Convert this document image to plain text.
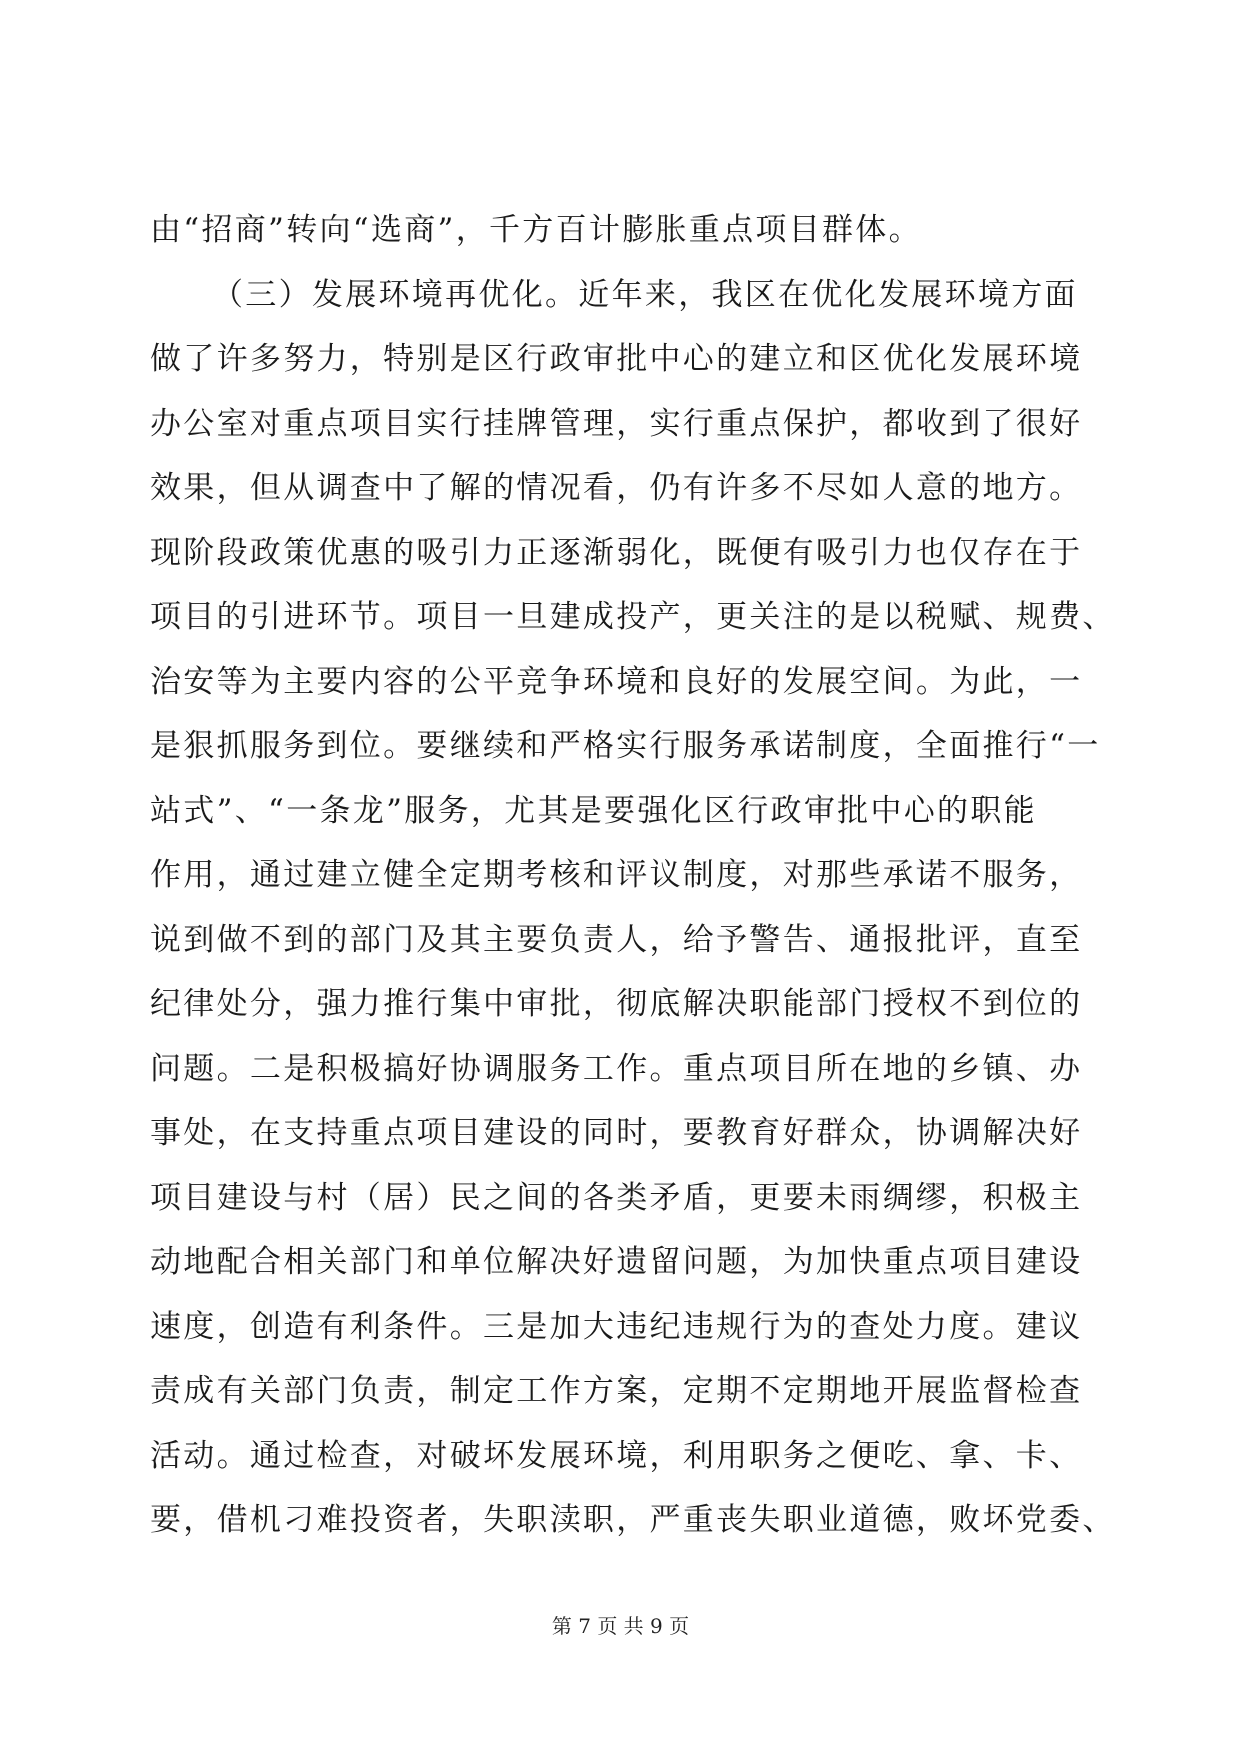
由“招商”转向“选商”，千方百计膨胀重点项目群体。
（三）发展环境再优化。近年来，我区在优化发展环境方面
做了许多努力，特别是区行政审批中心的建立和区优化发展环境
办公室对重点项目实行挂牌管理，实行重点保护，都收到了很好
效果，但从调查中了解的情况看，仍有许多不尽如人意的地方。
现阶段政策优惠的吸引力正逐渐弱化，既便有吸引力也仅存在于
项目的引进环节。项目一旦建成投产，更关注的是以税赋、规费、
治安等为主要内容的公平竞争环境和良好的发展空间。为此，一
是狠抓服务到位。要继续和严格实行服务承诺制度，全面推行“一
站式”、“一条龙”服务，尤其是要强化区行政审批中心的职能
作用，通过建立健全定期考核和评议制度，对那些承诺不服务，
说到做不到的部门及其主要负责人，给予警告、通报批评，直至
纪律处分，强力推行集中审批，彻底解决职能部门授权不到位的
问题。二是积极搞好协调服务工作。重点项目所在地的乡镇、办
事处，在支持重点项目建设的同时，要教育好群众，协调解决好
项目建设与村（居）民之间的各类矛盾，更要未雨绸缪，积极主
动地配合相关部门和单位解决好遗留问题，为加快重点项目建设
速度，创造有利条件。三是加大违纪违规行为的查处力度。建议
责成有关部门负责，制定工作方案，定期不定期地开展监督检查
活动。通过检查，对破坏发展环境，利用职务之便吃、拿、卡、
要，借机刁难投资者，失职渎职，严重丧失职业道德，败坏党委、
第 7 页 共 9 页
